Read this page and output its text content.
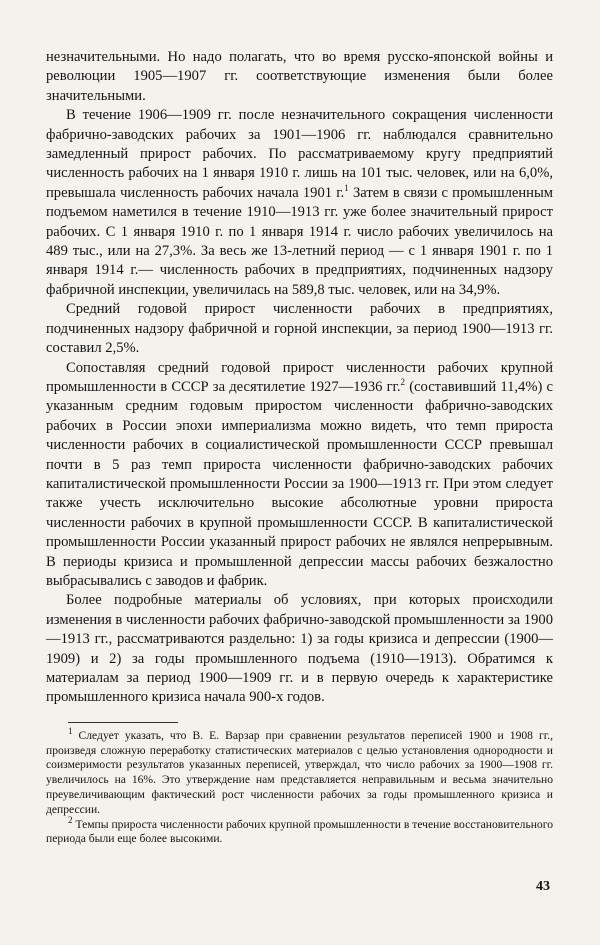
незначительными. Но надо полагать, что во время русско-японской войны и революции 1905—1907 гг. соответствующие изменения были более значительными.

В течение 1906—1909 гг. после незначительного сокращения численности фабрично-заводских рабочих за 1901—1906 гг. наблюдался сравнительно замедленный прирост рабочих. По рассматриваемому кругу предприятий численность рабочих на 1 января 1910 г. лишь на 101 тыс. человек, или на 6,0%, превышала численность рабочих начала 1901 г.$^1$ Затем в связи с промышленным подъемом наметился в течение 1910—1913 гг. уже более значительный прирост рабочих. С 1 января 1910 г. по 1 января 1914 г. число рабочих увеличилось на 489 тыс., или на 27,3%. За весь же 13-летний период — с 1 января 1901 г. по 1 января 1914 г.— численность рабочих в предприятиях, подчиненных надзору фабричной инспекции, увеличилась на 589,8 тыс. человек, или на 34,9%.

Средний годовой прирост численности рабочих в предприятиях, подчиненных надзору фабричной и горной инспекции, за период 1900—1913 гг. составил 2,5%.

Сопоставляя средний годовой прирост численности рабочих крупной промышленности в СССР за десятилетие 1927—1936 гг.$^2$ (составивший 11,4%) с указанным средним годовым приростом численности фабрично-заводских рабочих в России эпохи империализма можно видеть, что темп прироста численности рабочих в социалистической промышленности СССР превышал почти в 5 раз темп прироста численности фабрично-заводских рабочих капиталистической промышленности России за 1900—1913 гг. При этом следует также учесть исключительно высокие абсолютные уровни прироста численности рабочих в крупной промышленности СССР. В капиталистической промышленности России указанный прирост рабочих не являлся непрерывным. В периоды кризиса и промышленной депрессии массы рабочих безжалостно выбрасывались с заводов и фабрик.

Более подробные материалы об условиях, при которых происходили изменения в численности рабочих фабрично-заводской промышленности за 1900—1913 гг., рассматриваются раздельно: 1) за годы кризиса и депрессии (1900—1909) и 2) за годы промышленного подъема (1910—1913). Обратимся к материалам за период 1900—1909 гг. и в первую очередь к характеристике промышленного кризиса начала 900-х годов.

$^1$ Следует указать, что В. Е. Варзар при сравнении результатов переписей 1900 и 1908 гг., произведя сложную переработку статистических материалов с целью установления однородности и соизмеримости результатов указанных переписей, утверждал, что число рабочих за 1900—1908 гг. увеличилось на 16%. Это утверждение нам представляется неправильным и весьма значительно преувеличивающим фактический рост численности рабочих за годы промышленного кризиса и депрессии.

$^2$ Темпы прироста численности рабочих крупной промышленности в течение восстановительного периода были еще более высокими.

43
